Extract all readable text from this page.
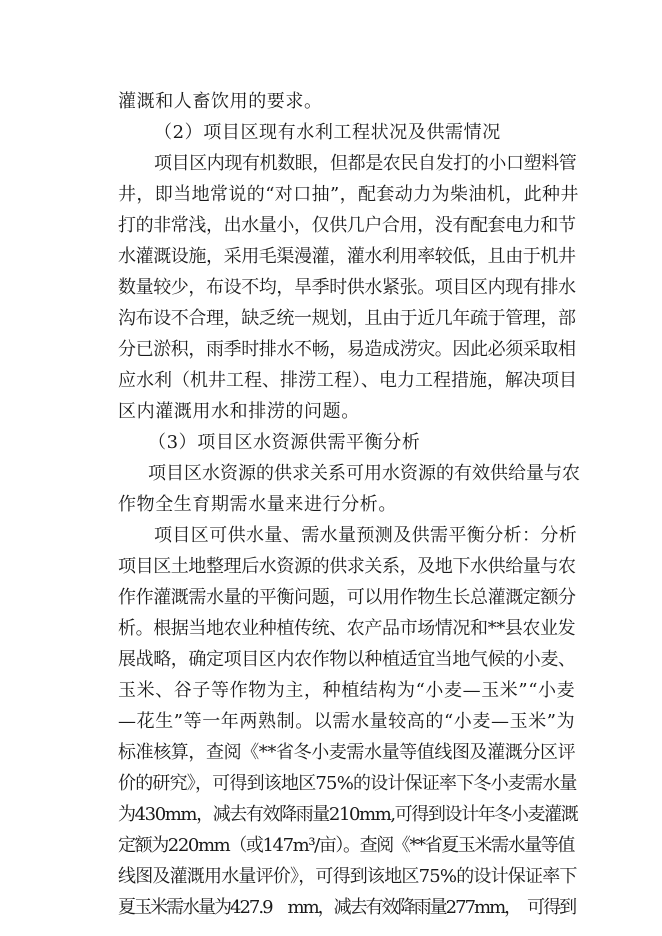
灌溉和人畜饮用的要求。
（2）项目区现有水利工程状况及供需情况
项目区内现有机数眼，但都是农民自发打的小口塑料管
井，即当地常说的“对口抽”，配套动力为柴油机，此种井
打的非常浅，出水量小，仅供几户合用，没有配套电力和节
水灌溉设施，采用毛渠漫灌，灌水利用率较低，且由于机井
数量较少，布设不均，旱季时供水紧张。项目区内现有排水
沟布设不合理，缺乏统一规划，且由于近几年疏于管理，部
分已淤积，雨季时排水不畅，易造成涝灾。因此必须采取相
应水利（机井工程、排涝工程）、电力工程措施，解决项目
区内灌溉用水和排涝的问题。
（3）项目区水资源供需平衡分析
项目区水资源的供求关系可用水资源的有效供给量与农
作物全生育期需水量来进行分析。
项目区可供水量、需水量预测及供需平衡分析：分析
项目区土地整理后水资源的供求关系，及地下水供给量与农
作作灌溉需水量的平衡问题，可以用作物生长总灌溉定额分
析。根据当地农业种植传统、农产品市场情况和**县农业发
展战略，确定项目区内农作物以种植适宜当地气候的小麦、
玉米、谷子等作物为主，种植结构为“小麦—玉米”“小麦
—花生”等一年两熟制。以需水量较高的“小麦—玉米”为
标准核算，查阅《**省冬小麦需水量等值线图及灌溉分区评
价的研究》，可得到该地区75%的设计保证率下冬小麦需水量
为430mm，减去有效降雨量210mm,可得到设计年冬小麦灌溉
定额为220mm（或147m³/亩）。查阅《**省夏玉米需水量等值
线图及灌溉用水量评价》，可得到该地区75%的设计保证率下
夏玉米需水量为427.9　mm，减去有效降雨量277mm，　可得到
